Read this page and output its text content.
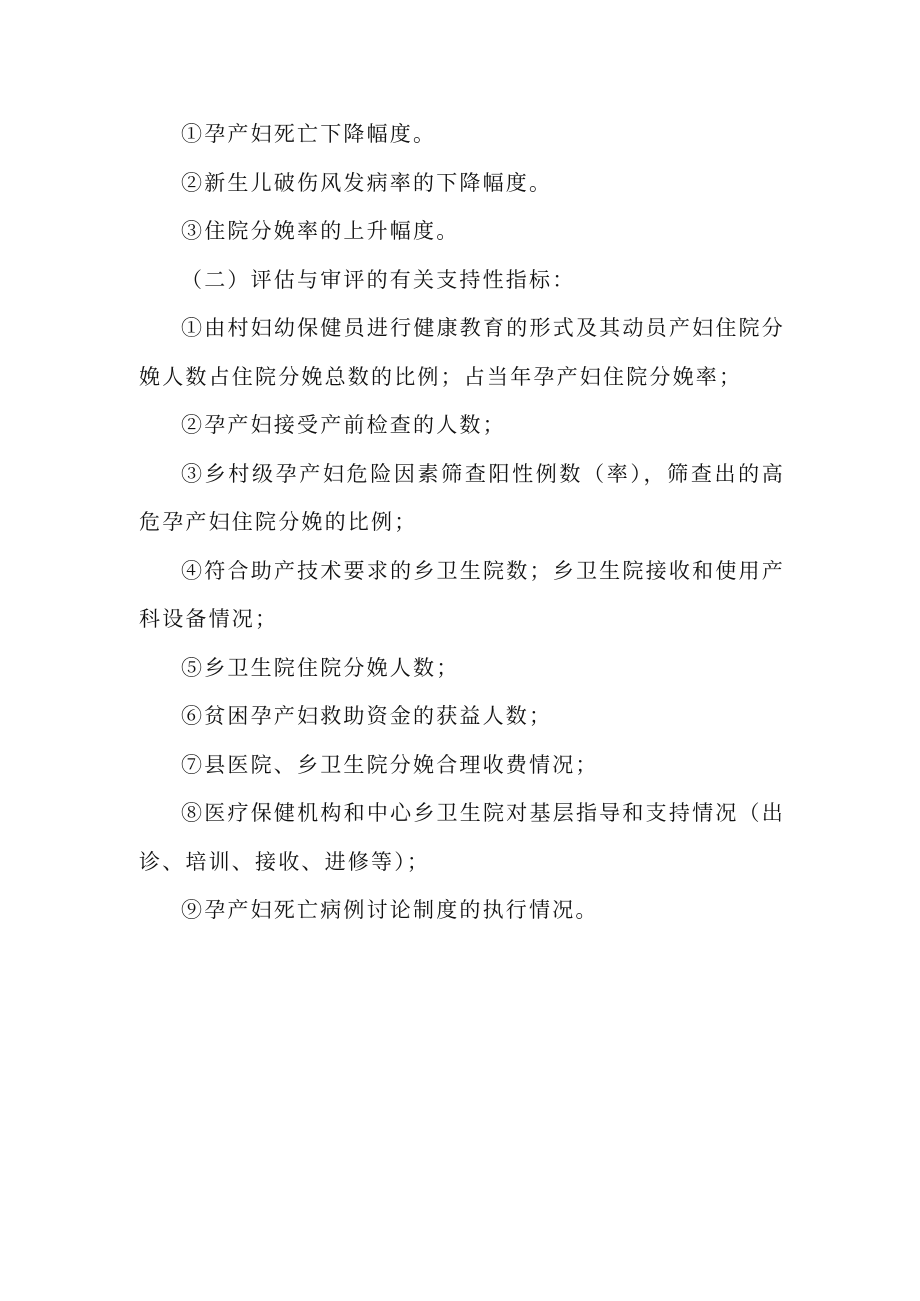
①孕产妇死亡下降幅度。

②新生儿破伤风发病率的下降幅度。

③住院分娩率的上升幅度。

（二）评估与审评的有关支持性指标：

①由村妇幼保健员进行健康教育的形式及其动员产妇住院分娩人数占住院分娩总数的比例；占当年孕产妇住院分娩率；

②孕产妇接受产前检查的人数；

③乡村级孕产妇危险因素筛查阳性例数（率），筛查出的高危孕产妇住院分娩的比例；

④符合助产技术要求的乡卫生院数；乡卫生院接收和使用产科设备情况；

⑤乡卫生院住院分娩人数；

⑥贫困孕产妇救助资金的获益人数；

⑦县医院、乡卫生院分娩合理收费情况；

⑧医疗保健机构和中心乡卫生院对基层指导和支持情况（出诊、培训、接收、进修等）；

⑨孕产妇死亡病例讨论制度的执行情况。
